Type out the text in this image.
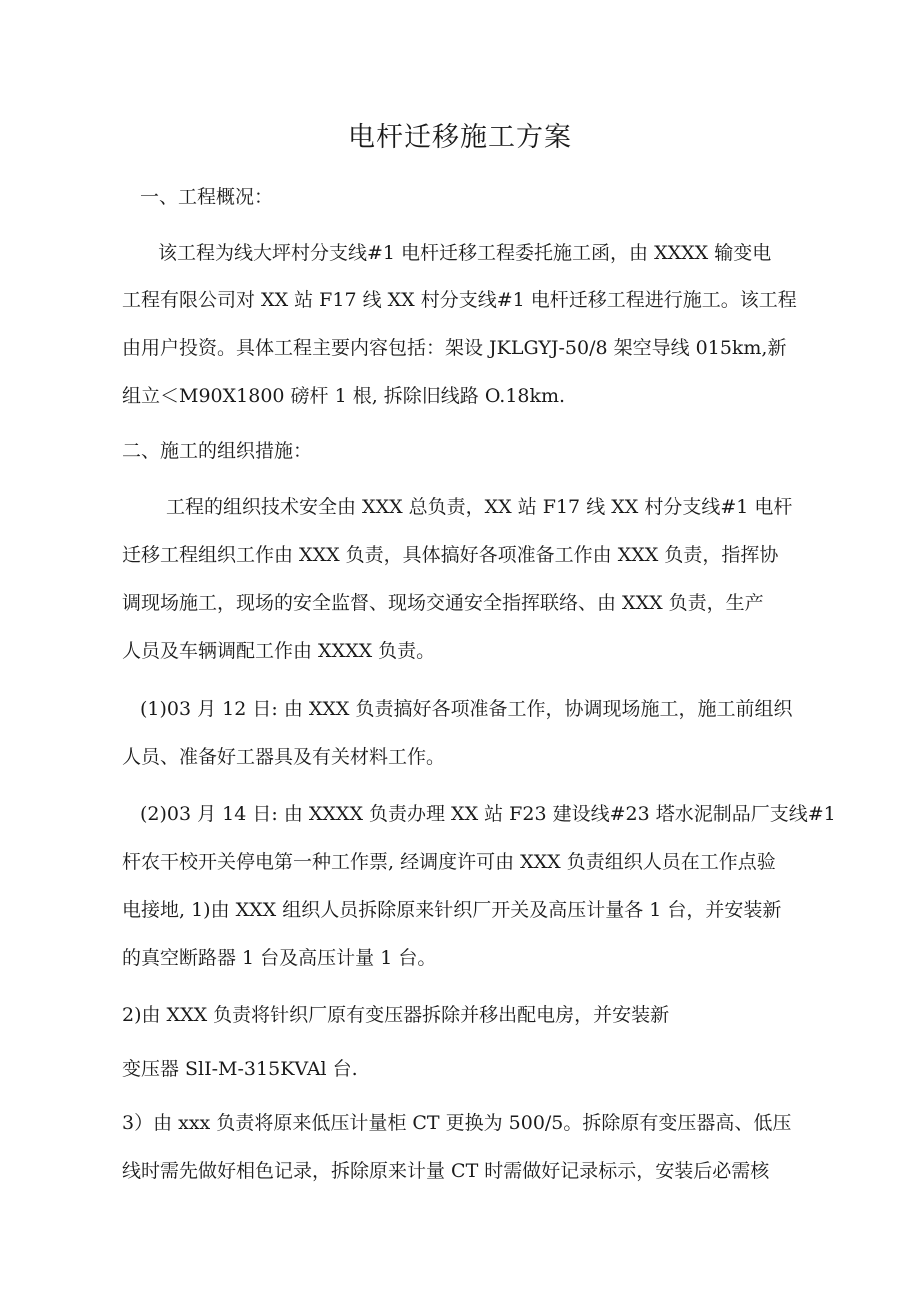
电杆迁移施工方案
一、工程概况：
该工程为线大坪村分支线#1 电杆迁移工程委托施工函，由 XXXX 输变电
工程有限公司对 XX 站 F17 线 XX 村分支线#1 电杆迁移工程进行施工。该工程
由用户投资。具体工程主要内容包括：架设 JKLGYJ-50/8 架空导线 015km,新
组立＜M90X1800 磅杆 1 根, 拆除旧线路 O.18km.
二、施工的组织措施：
工程的组织技术安全由 XXX 总负责，XX 站 F17 线 XX 村分支线#1 电杆
迁移工程组织工作由 XXX 负责，具体搞好各项准备工作由 XXX 负责，指挥协
调现场施工，现场的安全监督、现场交通安全指挥联络、由 XXX 负责，生产
人员及车辆调配工作由 XXXX 负责。
(1)03 月 12 日: 由 XXX 负责搞好各项准备工作，协调现场施工，施工前组织
人员、准备好工器具及有关材料工作。
(2)03 月 14 日: 由 XXXX 负责办理 XX 站 F23 建设线#23 塔水泥制品厂支线#1
杆农干校开关停电第一种工作票, 经调度许可由 XXX 负责组织人员在工作点验
电接地, 1)由 XXX 组织人员拆除原来针织厂开关及高压计量各 1 台，并安装新
的真空断路器 1 台及高压计量 1 台。
2)由 XXX 负责将针织厂原有变压器拆除并移出配电房，并安装新
变压器 SlI-M-315KVAl 台.
3）由 xxx 负责将原来低压计量柜 CT 更换为 500/5。拆除原有变压器高、低压
线时需先做好相色记录，拆除原来计量 CT 时需做好记录标示，安装后必需核
